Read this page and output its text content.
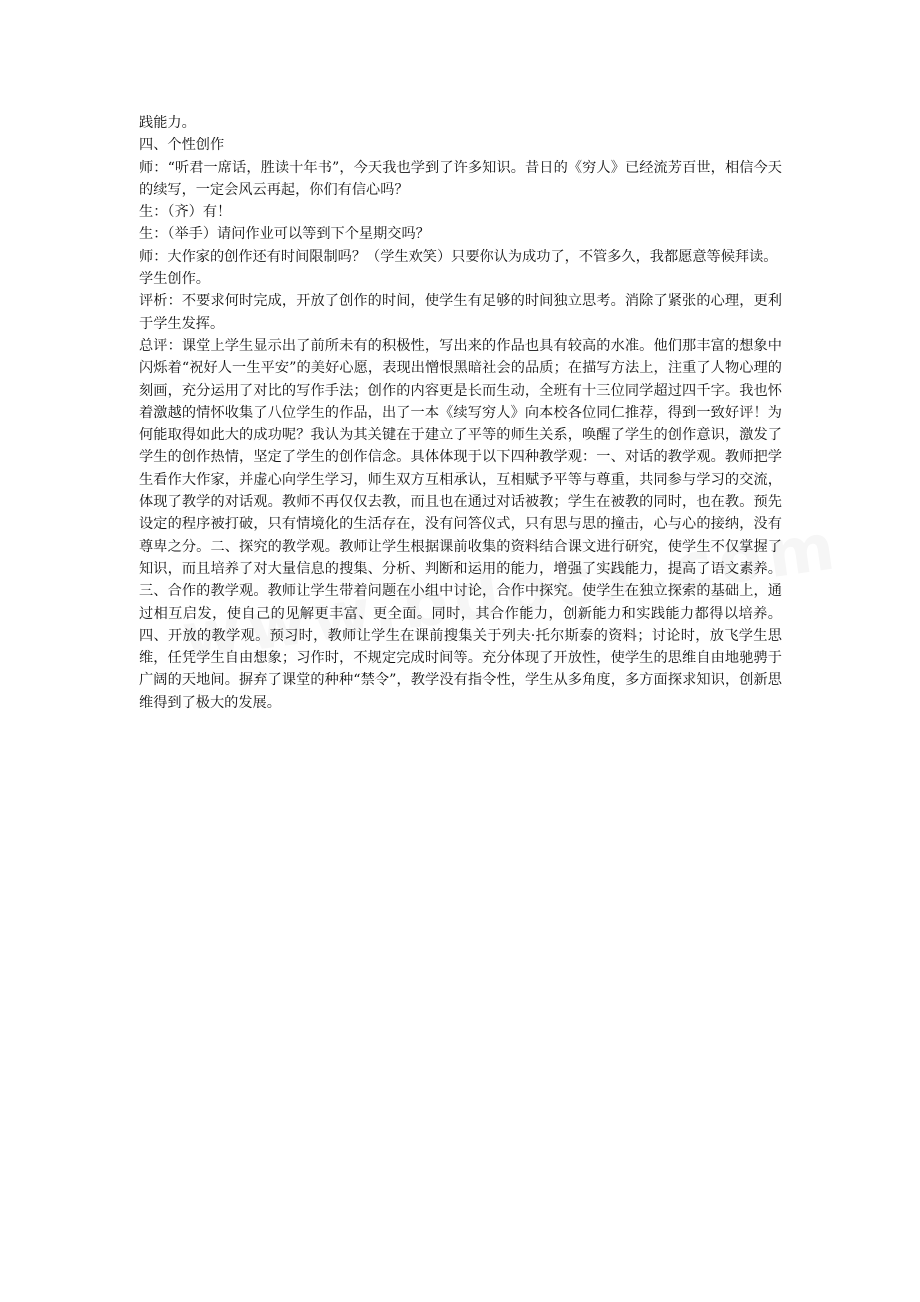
践能力。

四、个性创作

师：“听君一席话，胜读十年书”，今天我也学到了许多知识。昔日的《穷人》已经流芳百世，相信今天的续写，一定会风云再起，你们有信心吗？

生：（齐）有！

生：（举手）请问作业可以等到下个星期交吗？

师：大作家的创作还有时间限制吗？（学生欢笑）只要你认为成功了，不管多久，我都愿意等候拜读。

学生创作。

评析：不要求何时完成，开放了创作的时间，使学生有足够的时间独立思考。消除了紧张的心理，更利于学生发挥。

总评：课堂上学生显示出了前所未有的积极性，写出来的作品也具有较高的水准。他们那丰富的想象中闪烁着“祝好人一生平安”的美好心愿，表现出憎恨黑暗社会的品质；在描写方法上，注重了人物心理的刻画，充分运用了对比的写作手法；创作的内容更是长而生动，全班有十三位同学超过四千字。我也怀着激越的情怀收集了八位学生的作品，出了一本《续写穷人》向本校各位同仁推荐，得到一致好评！为何能取得如此大的成功呢？我认为其关键在于建立了平等的师生关系，唤醒了学生的创作意识，激发了学生的创作热情，坚定了学生的创作信念。具体体现于以下四种教学观：一、对话的教学观。教师把学生看作大作家，并虚心向学生学习，师生双方互相承认，互相赋予平等与尊重，共同参与学习的交流，体现了教学的对话观。教师不再仅仅去教，而且也在通过对话被教；学生在被教的同时，也在教。预先设定的程序被打破，只有情境化的生活存在，没有问答仪式，只有思与思的撞击，心与心的接纳，没有尊卑之分。二、探究的教学观。教师让学生根据课前收集的资料结合课文进行研究，使学生不仅掌握了知识，而且培养了对大量信息的搜集、分析、判断和运用的能力，增强了实践能力，提高了语文素养。三、合作的教学观。教师让学生带着问题在小组中讨论，合作中探究。使学生在独立探索的基础上，通过相互启发，使自己的见解更丰富、更全面。同时，其合作能力，创新能力和实践能力都得以培养。四、开放的教学观。预习时，教师让学生在课前搜集关于列夫·托尔斯泰的资料；讨论时，放飞学生思维，任凭学生自由想象；习作时，不规定完成时间等。充分体现了开放性，使学生的思维自由地驰骋于广阔的天地间。摒弃了课堂的种种“禁令”，教学没有指令性，学生从多角度，多方面探求知识，创新思维得到了极大的发展。
